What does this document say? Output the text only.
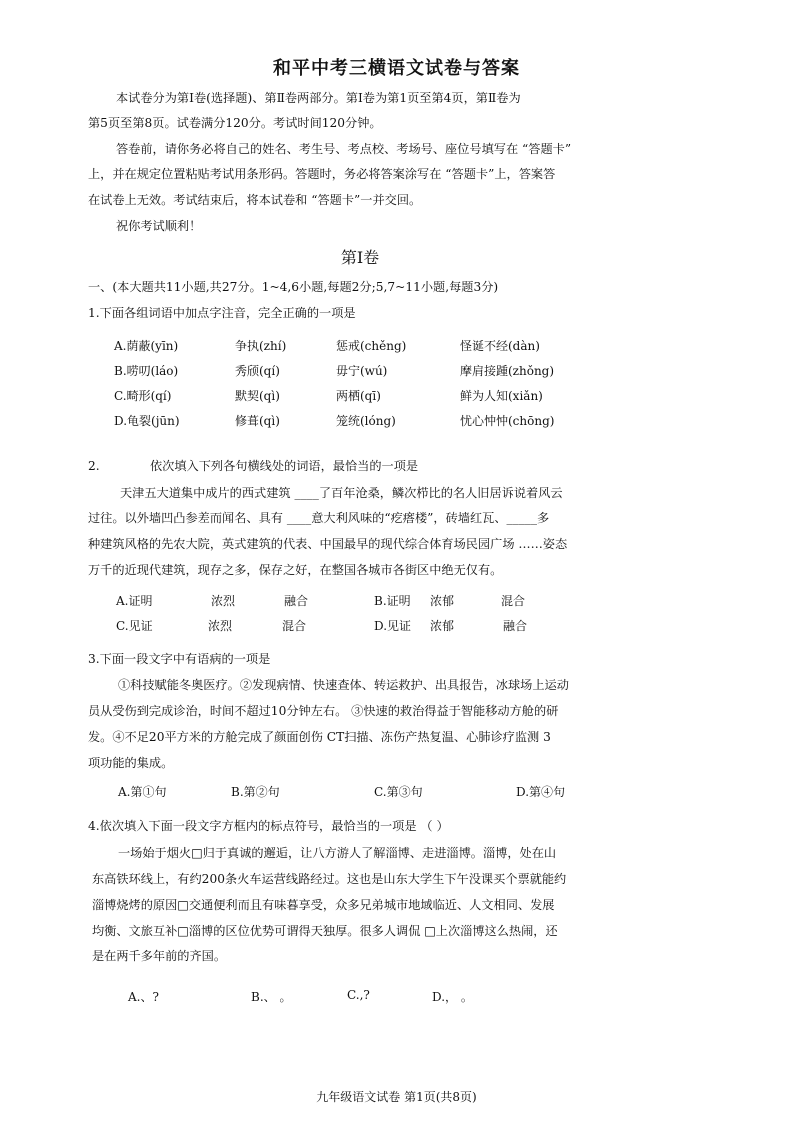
和平中考三横语文试卷与答案
本试卷分为第Ⅰ卷(选择题)、第Ⅱ卷两部分。第Ⅰ卷为第1页至第4页，第Ⅱ卷为
第5页至第8页。试卷满分120分。考试时间120分钟。
答卷前，请你务必将自己的姓名、考生号、考点校、考场号、座位号填写在 “答题卡”
上，并在规定位置粘贴考试用条形码。答题时，务必将答案涂写在 “答题卡”上，答案答
在试卷上无效。考试结束后，将本试卷和 “答题卡”一并交回。
祝你考试顺利！
第Ⅰ卷
一、(本大题共11小题,共27分。1~4,6小题,每题2分;5,7~11小题,每题3分)
1.下面各组词语中加点字注音，完全正确的一项是
A.荫蔽(yīn)	争执(zhí)	惩戒(chěng)	怪诞不经(dàn)
B.唠叨(láo)	秀颀(qí)	毋宁(wú)	摩肩接踵(zhǒng)
C.畸形(qí)	默契(qì)	两栖(qī)	鲜为人知(xiǎn)
D.龟裂(jūn)	修葺(qì)	笼统(lóng)	忧心忡忡(chōng)
2.	依次填入下列各句横线处的词语，最恰当的一项是
天津五大道集中成片的西式建筑 ____了百年沧桑，鳞次栉比的名人旧居诉说着风云
过往。以外墙凹凸参差而闻名、具有 ____意大利风味的“疙瘩楼”，砖墙红瓦、_____多
种建筑风格的先农大院，英式建筑的代表、中国最早的现代综合体育场民园广场 ……姿态
万千的近现代建筑，现存之多，保存之好，在整国各城市各街区中绝无仅有。
A.证明	浓烈	融合	B.证明 浓郁	混合
C.见证	浓烈	混合	D.见证 浓郁	融合
3.下面一段文字中有语病的一项是
①科技赋能冬奥医疗。②发现病情、快速查体、转运救护、出具报告，冰球场上运动
员从受伤到完成诊治，时间不超过10分钟左右。 ③快速的救治得益于智能移动方舱的研
发。④不足20平方米的方舱完成了颜面创伤 CT扫描、冻伤产热复温、心肺诊疗监测 3
项功能的集成。
A.第①句	B.第②句	C.第③句	D.第④句
4.依次填入下面一段文字方框内的标点符号，最恰当的一项是 （ ）
一场始于烟火□归于真诚的邂逅，让八方游人了解淄博、走进淄博。淄博，处在山
东高铁环线上，有约200条火车运营线路经过。这也是山东大学生下午没课买个票就能约
淄博烧烤的原因□交通便利而且有味暮享受，众多兄弟城市地域临近、人文相同、发展
均衡、文旅互补□淄博的区位优势可谓得天独厚。很多人调侃 □上次淄博这么热闹，还
是在两千多年前的齐国。
A.、?	B.、 。	C.,?	D.， 。
九年级语文试卷 第1页(共8页)
